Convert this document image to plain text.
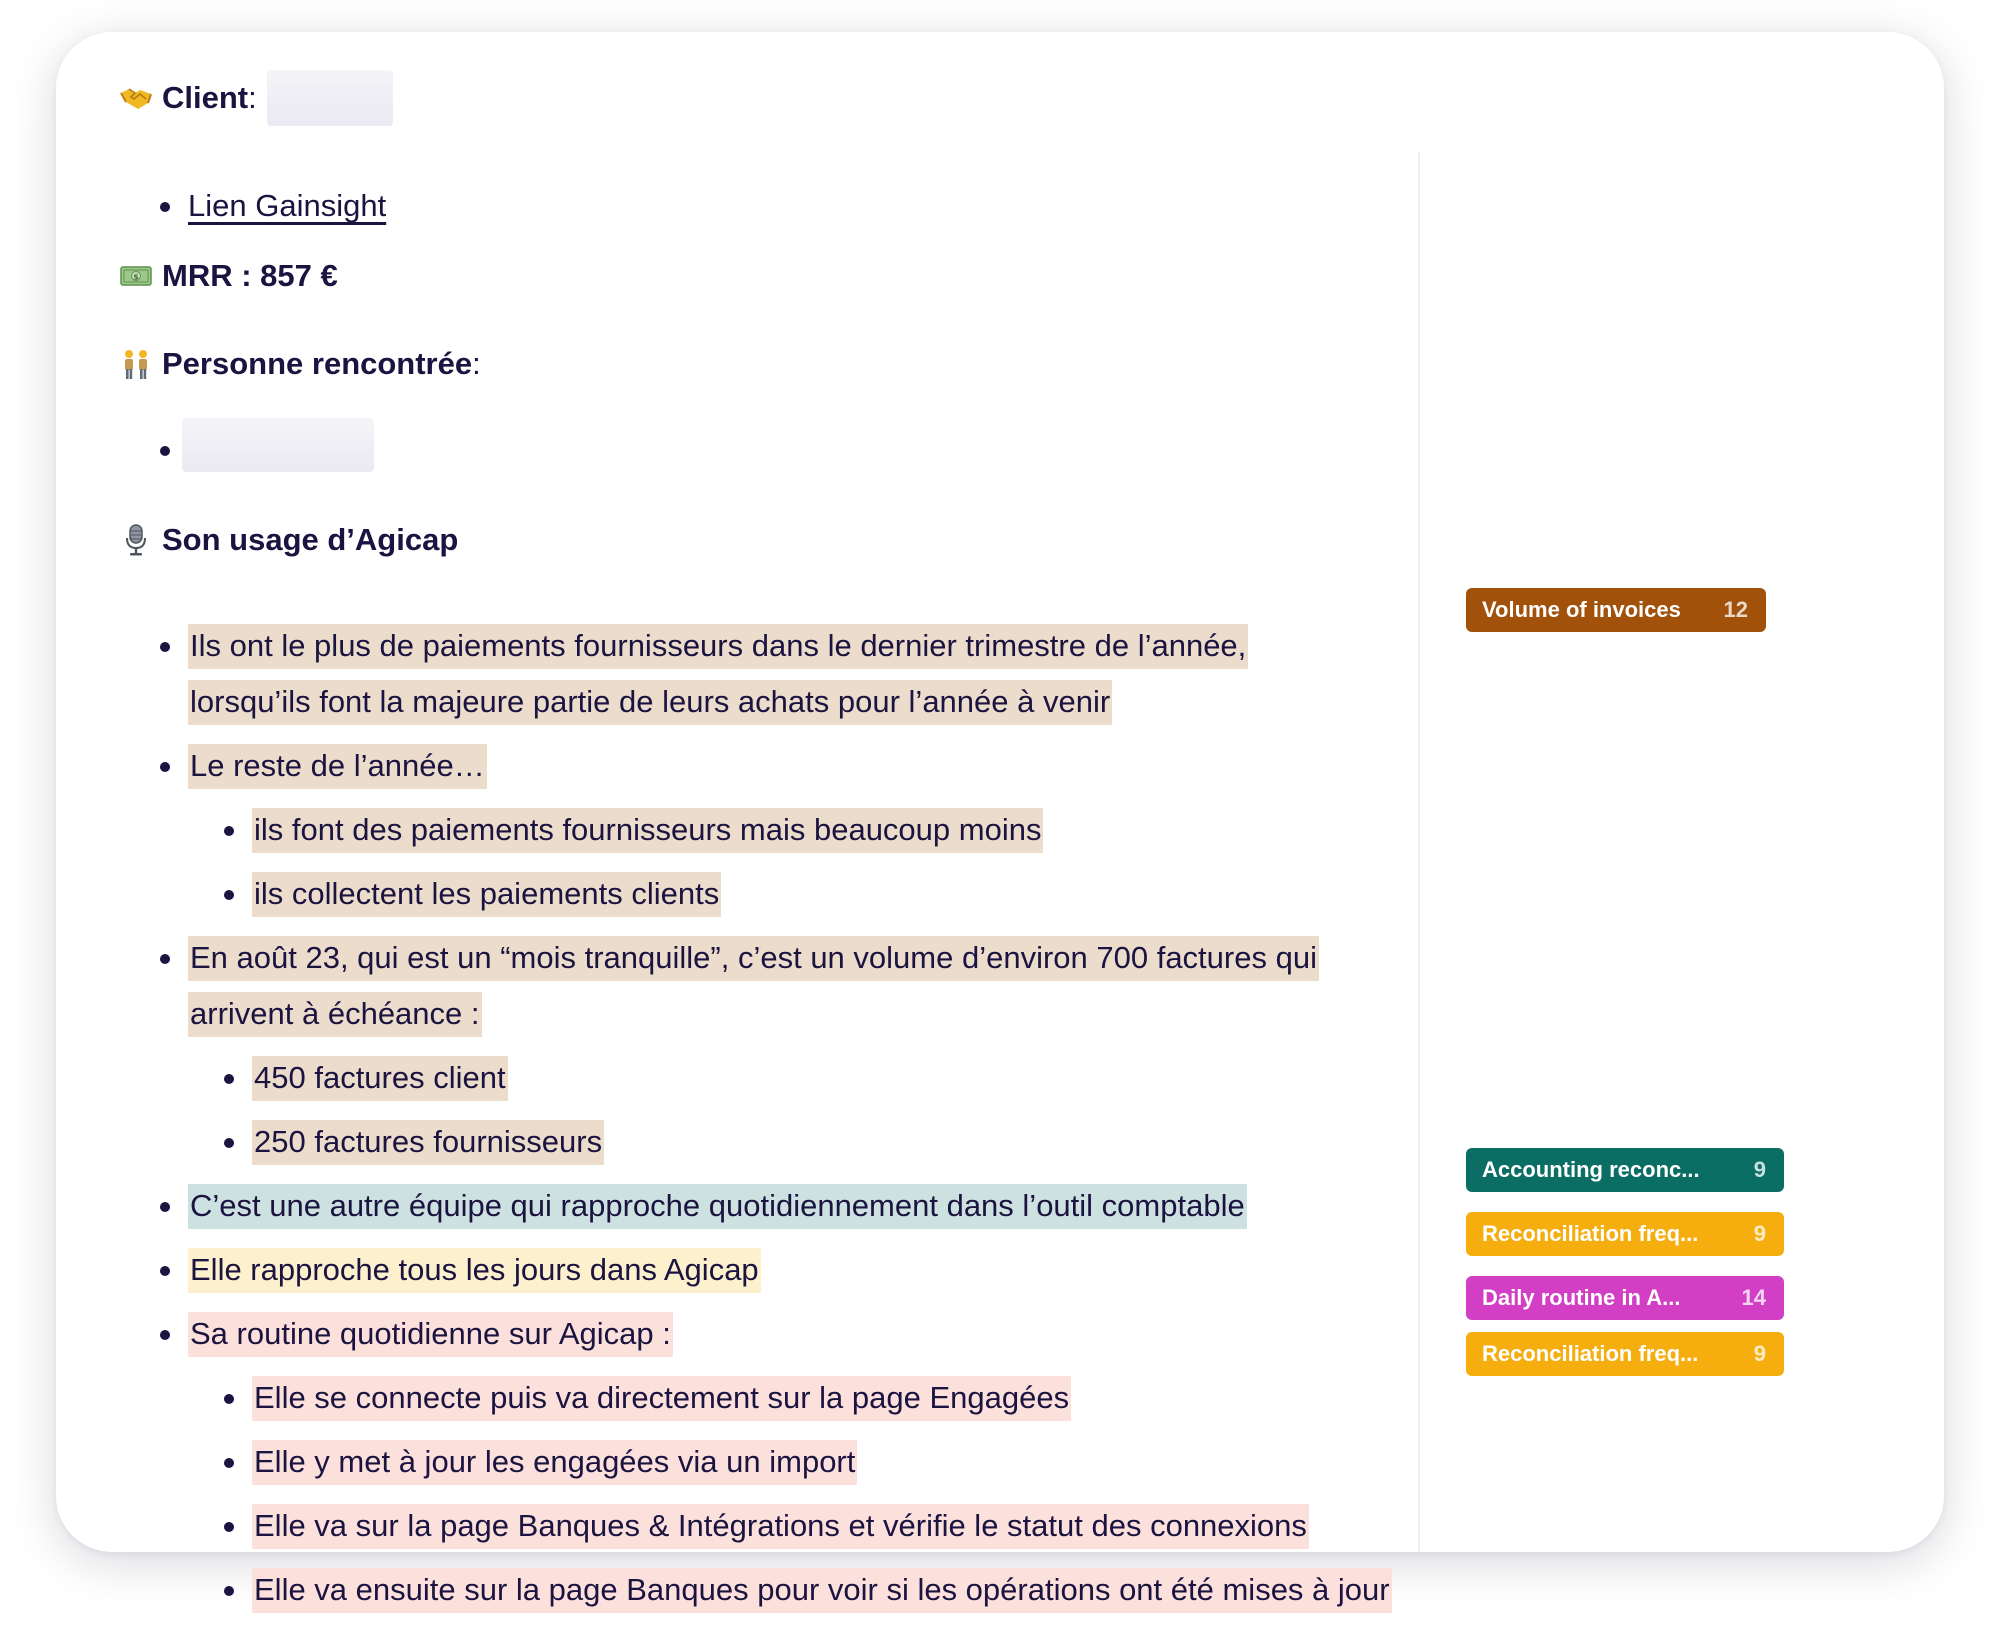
Client :
Lien Gainsight
$ MRR : 857 €
Personne rencontrée :
Son usage d’Agicap
Ils ont le plus de paiements fournisseurs dans le dernier trimestre de l’année,
lorsqu’ils font la majeure partie de leurs achats pour l’année à venir
Le reste de l’année…
ils font des paiements fournisseurs mais beaucoup moins
ils collectent les paiements clients
En août 23, qui est un “mois tranquille”, c’est un volume d’environ 700 factures qui
arrivent à échéance :
450 factures client
250 factures fournisseurs
C’est une autre équipe qui rapproche quotidiennement dans l’outil comptable
Elle rapproche tous les jours dans Agicap
Sa routine quotidienne sur Agicap :
Elle se connecte puis va directement sur la page Engagées
Elle y met à jour les engagées via un import
Elle va sur la page Banques & Intégrations et vérifie le statut des connexions
Elle va ensuite sur la page Banques pour voir si les opérations ont été mises à jour
Volume of invoices 12
Accounting reconc... 9
Reconciliation freq...	9
Daily routine in A...	14
Reconciliation freq...	9
